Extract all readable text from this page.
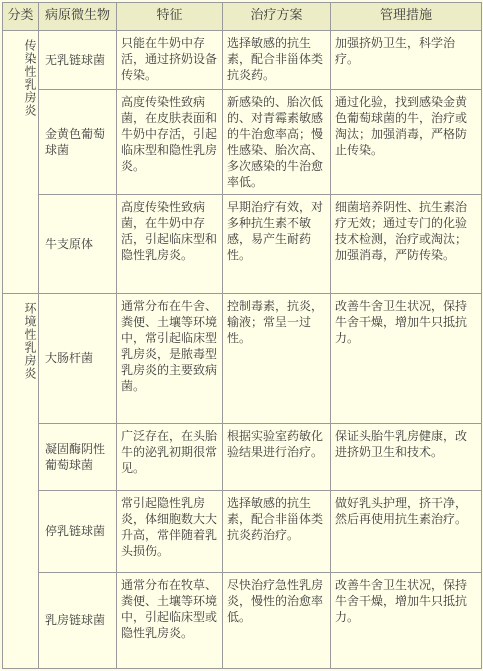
分类	病原微生物	特征	治疗方案	管理措施
传染性乳房炎	无乳链球菌	只能在牛奶中存活，通过挤奶设备传染。	选择敏感的抗生素，配合非甾体类抗炎药。	加强挤奶卫生，科学治疗。
	金黄色葡萄球菌	高度传染性致病菌，在皮肤表面和牛奶中存活，引起临床型和隐性乳房炎。	新感染的、胎次低的、对青霉素敏感的牛治愈率高；慢性感染、胎次高、多次感染的牛治愈率低。	通过化验，找到感染金黄色葡萄球菌的牛，治疗或淘汰；加强消毒，严格防止传染。
	牛支原体	高度传染性致病菌，在牛奶中存活，引起临床型和隐性乳房炎。	早期治疗有效，对多种抗生素不敏感，易产生耐药性。	细菌培养阴性、抗生素治疗无效；通过专门的化验技术检测，治疗或淘汰；加强消毒，严防传染。
环境性乳房炎	大肠杆菌	通常分布在牛舍、粪便、土壤等环境中，常引起临床型乳房炎，是脓毒型乳房炎的主要致病菌。	控制毒素，抗炎，输液；常呈一过性。	改善牛舍卫生状况，保持牛舍干燥，增加牛只抵抗力。
	凝固酶阴性葡萄球菌	广泛存在，在头胎牛的泌乳初期很常见。	根据实验室药敏化验结果进行治疗。	保证头胎牛乳房健康，改进挤奶卫生和技术。
	停乳链球菌	常引起隐性乳房炎，体细胞数大大升高，常伴随着乳头损伤。	选择敏感的抗生素，配合非甾体类抗炎药治疗。	做好乳头护理，挤干净，然后再使用抗生素治疗。
	乳房链球菌	通常分布在牧草、粪便、土壤等环境中，引起临床型或隐性乳房炎。	尽快治疗急性乳房炎，慢性的治愈率低。	改善牛舍卫生状况，保持牛舍干燥，增加牛只抵抗力。
